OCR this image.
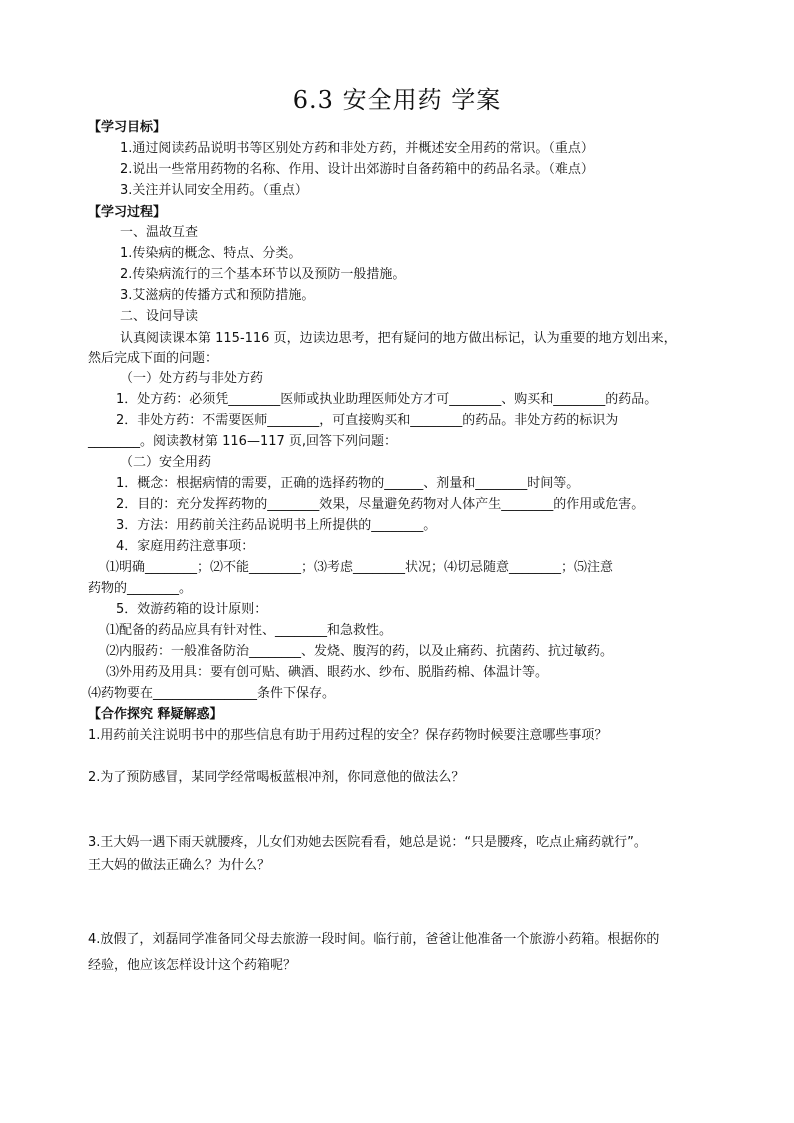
6.3 安全用药 学案
【学习目标】
1.通过阅读药品说明书等区别处方药和非处方药，并概述安全用药的常识。（重点）
2.说出一些常用药物的名称、作用、设计出郊游时自备药箱中的药品名录。（难点）
3.关注并认同安全用药。（重点）
【学习过程】
一、温故互查
1.传染病的概念、特点、分类。
2.传染病流行的三个基本环节以及预防一般措施。
3.艾滋病的传播方式和预防措施。
二、设问导读
认真阅读课本第 115-116 页，边读边思考，把有疑问的地方做出标记，认为重要的地方划出来，
然后完成下面的问题：
（一）处方药与非处方药
1．处方药：必须凭________医师或执业助理医师处方才可________、购买和________的药品。
2．非处方药：不需要医师________，可直接购买和________的药品。非处方药的标识为
________。阅读教材第 116—117 页,回答下列问题：
（二）安全用药
1．概念：根据病情的需要，正确的选择药物的______、剂量和________时间等。
2．目的：充分发挥药物的________效果，尽量避免药物对人体产生________的作用或危害。
3．方法：用药前关注药品说明书上所提供的________。
4．家庭用药注意事项：
⑴明确________；⑵不能________；⑶考虑________状况；⑷切忌随意________；⑸注意
药物的________。
5．效游药箱的设计原则：
⑴配备的药品应具有针对性、________和急救性。
⑵内服药：一般准备防治________、发烧、腹泻的药，以及止痛药、抗菌药、抗过敏药。
⑶外用药及用具：要有创可贴、碘酒、眼药水、纱布、脱脂药棉、体温计等。
⑷药物要在________________条件下保存。
【合作探究 释疑解惑】
1.用药前关注说明书中的那些信息有助于用药过程的安全？保存药物时候要注意哪些事项？
2.为了预防感冒，某同学经常喝板蓝根冲剂，你同意他的做法么？
3.王大妈一遇下雨天就腰疼，儿女们劝她去医院看看，她总是说：“只是腰疼，吃点止痛药就行”。
王大妈的做法正确么？为什么？
4.放假了，刘磊同学准备同父母去旅游一段时间。临行前，爸爸让他准备一个旅游小药箱。根据你的
经验，他应该怎样设计这个药箱呢？
